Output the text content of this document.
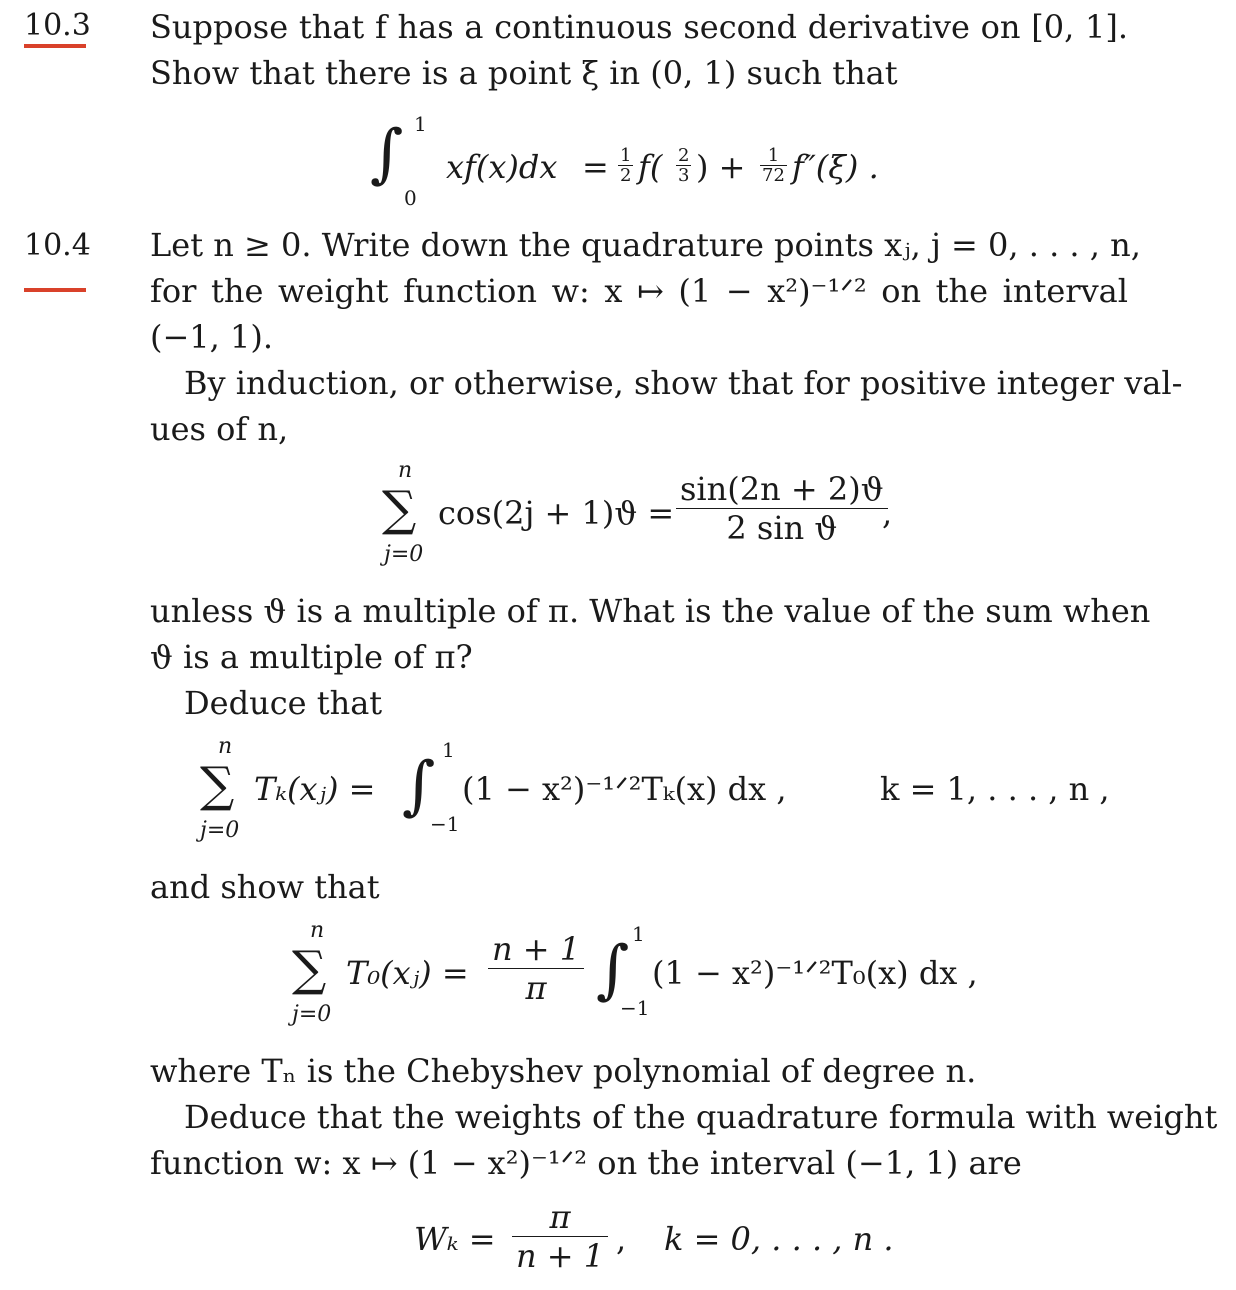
10.3 Suppose that f has a continuous second derivative on [0, 1].
Show that there is a point ξ in (0, 1) such that
∫ 1
0
$xf(x)dx = \frac{1}{2} f( \frac{2}{3}$ ) + $\frac{1}{72} f''(\xi)$ .
10.4 Let n ≥ 0. Write down the quadrature points xⱼ, j = 0, . . . , n,
for the weight function w: x ↦ (1 − x²)⁻¹ᐟ² on the interval
(−1, 1).
By induction, or otherwise, show that for positive integer val-
ues of n,
n
∑
j=0
$\cos(2j + 1)ϑ = \frac{\sin(2n + 2)ϑ}{\text{2 sin ϑ}}$
,
unless ϑ is a multiple of π. What is the value of the sum when
ϑ is a multiple of π?
Deduce that
n
∑
j=0
Tₖ(xⱼ) = ∫ 1
−1
(1 − x²)⁻¹ᐟ²Tₖ(x) dx ,	k = 1, . . . , n ,
and show that
n
∑
j=0
T₀(xⱼ) = $\frac{n + 1}{\pi}$ ∫ 1
−1
(1 − x²)⁻¹ᐟ²T₀(x) dx ,
where Tₙ is the Chebyshev polynomial of degree n.
Deduce that the weights of the quadrature formula with weight
function w: x ↦ (1 − x²)⁻¹ᐟ² on the interval (−1, 1) are
$W_k = \frac{\pi}{n + 1}$ , k = 0, . . . , n .
